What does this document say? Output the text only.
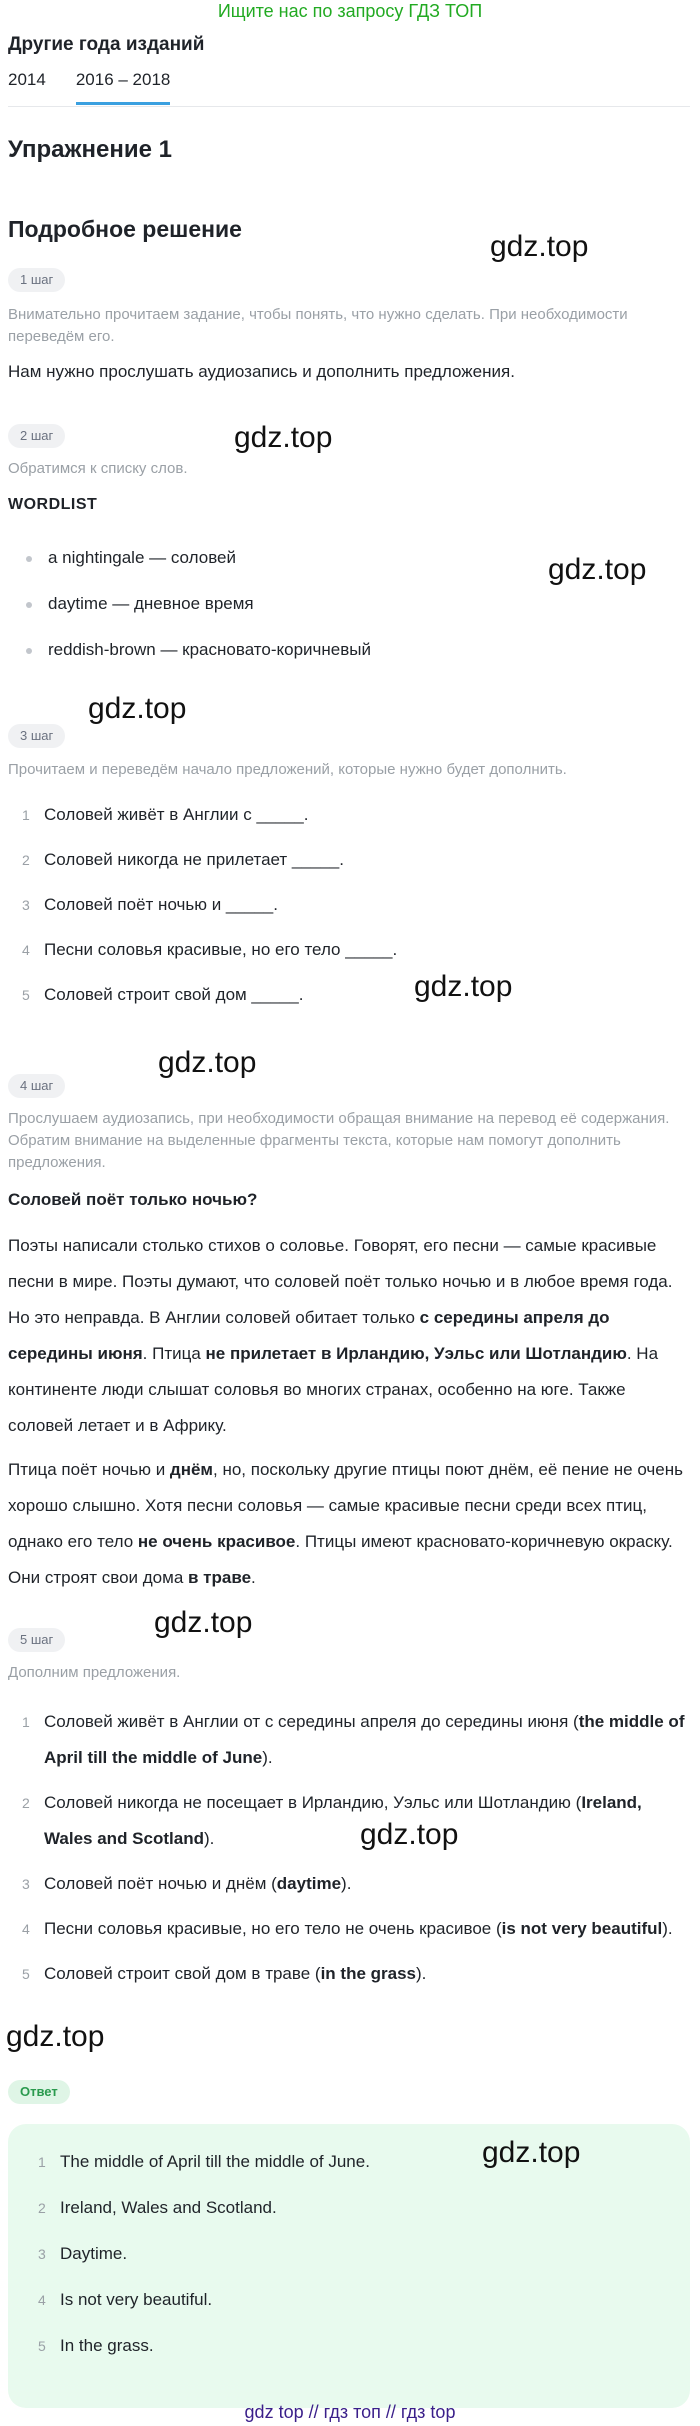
Ищите нас по запросу ГДЗ ТОП
Другие года изданий
2014 2016 – 2018
Упражнение 1
Подробное решение
1 шаг
Внимательно прочитаем задание, чтобы понять, что нужно сделать. При необходимости переведём его.
Нам нужно прослушать аудиозапись и дополнить предложения.
2 шаг
Обратимся к списку слов.
WORDLIST
a nightingale — соловей
daytime — дневное время
reddish-brown — красновато-коричневый
3 шаг
Прочитаем и переведём начало предложений, которые нужно будет дополнить.
1 Соловей живёт в Англии с _____.
2 Соловей никогда не прилетает _____.
3 Соловей поёт ночью и _____.
4 Песни соловья красивые, но его тело _____.
5 Соловей строит свой дом _____.
4 шаг
Прослушаем аудиозапись, при необходимости обращая внимание на перевод её содержания. Обратим внимание на выделенные фрагменты текста, которые нам помогут дополнить предложения.
Соловей поёт только ночью?
Поэты написали столько стихов о соловье. Говорят, его песни — самые красивые песни в мире. Поэты думают, что соловей поёт только ночью и в любое время года. Но это неправда. В Англии соловей обитает только с середины апреля до середины июня. Птица не прилетает в Ирландию, Уэльс или Шотландию. На континенте люди слышат соловья во многих странах, особенно на юге. Также соловей летает и в Африку.
Птица поёт ночью и днём, но, поскольку другие птицы поют днём, её пение не очень хорошо слышно. Хотя песни соловья — самые красивые песни среди всех птиц, однако его тело не очень красивое. Птицы имеют красновато-коричневую окраску. Они строят свои дома в траве.
5 шаг
Дополним предложения.
1 Соловей живёт в Англии от с середины апреля до середины июня (the middle of April till the middle of June).
2 Соловей никогда не посещает в Ирландию, Уэльс или Шотландию (Ireland, Wales and Scotland).
3 Соловей поёт ночью и днём (daytime).
4 Песни соловья красивые, но его тело не очень красивое (is not very beautiful).
5 Соловей строит свой дом в траве (in the grass).
Ответ
1 The middle of April till the middle of June.
2 Ireland, Wales and Scotland.
3 Daytime.
4 Is not very beautiful.
5 In the grass.
gdz.top
gdz.top
gdz.top
gdz.top
gdz.top
gdz.top
gdz.top
gdz.top
gdz.top
gdz.top
gdz top // гдз топ // гдз top
